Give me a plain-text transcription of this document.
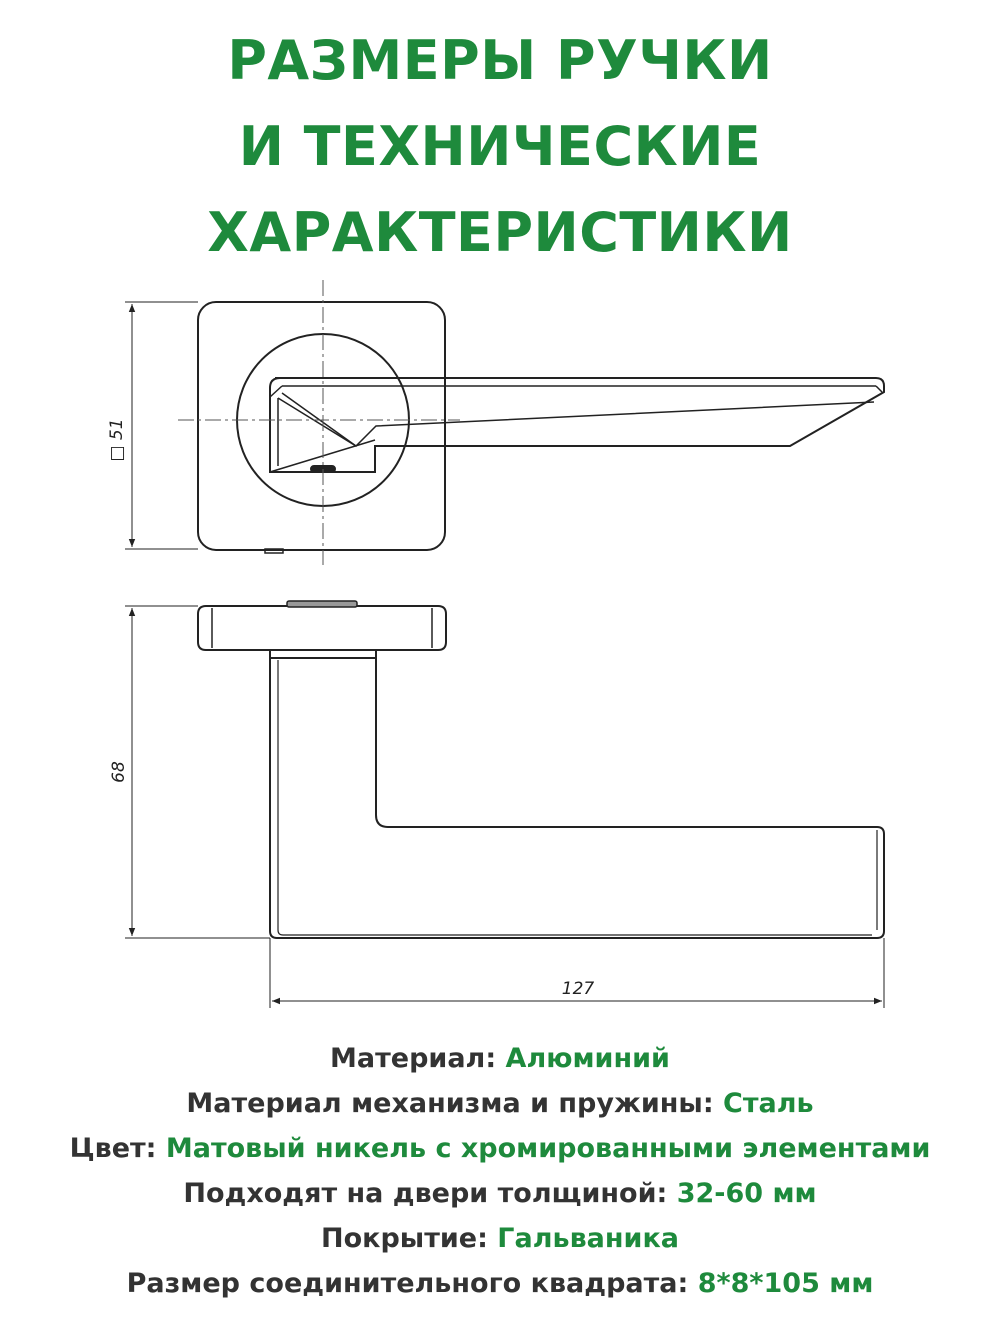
РАЗМЕРЫ РУЧКИ
И ТЕХНИЧЕСКИЕ
ХАРАКТЕРИСТИКИ
□ 51
68
127
Материал: Алюминий
Материал механизма и пружины: Сталь
Цвет: Матовый никель с хромированными элементами
Подходят на двери толщиной: 32-60 мм
Покрытие: Гальваника
Размер соединительного квадрата: 8*8*105 мм
